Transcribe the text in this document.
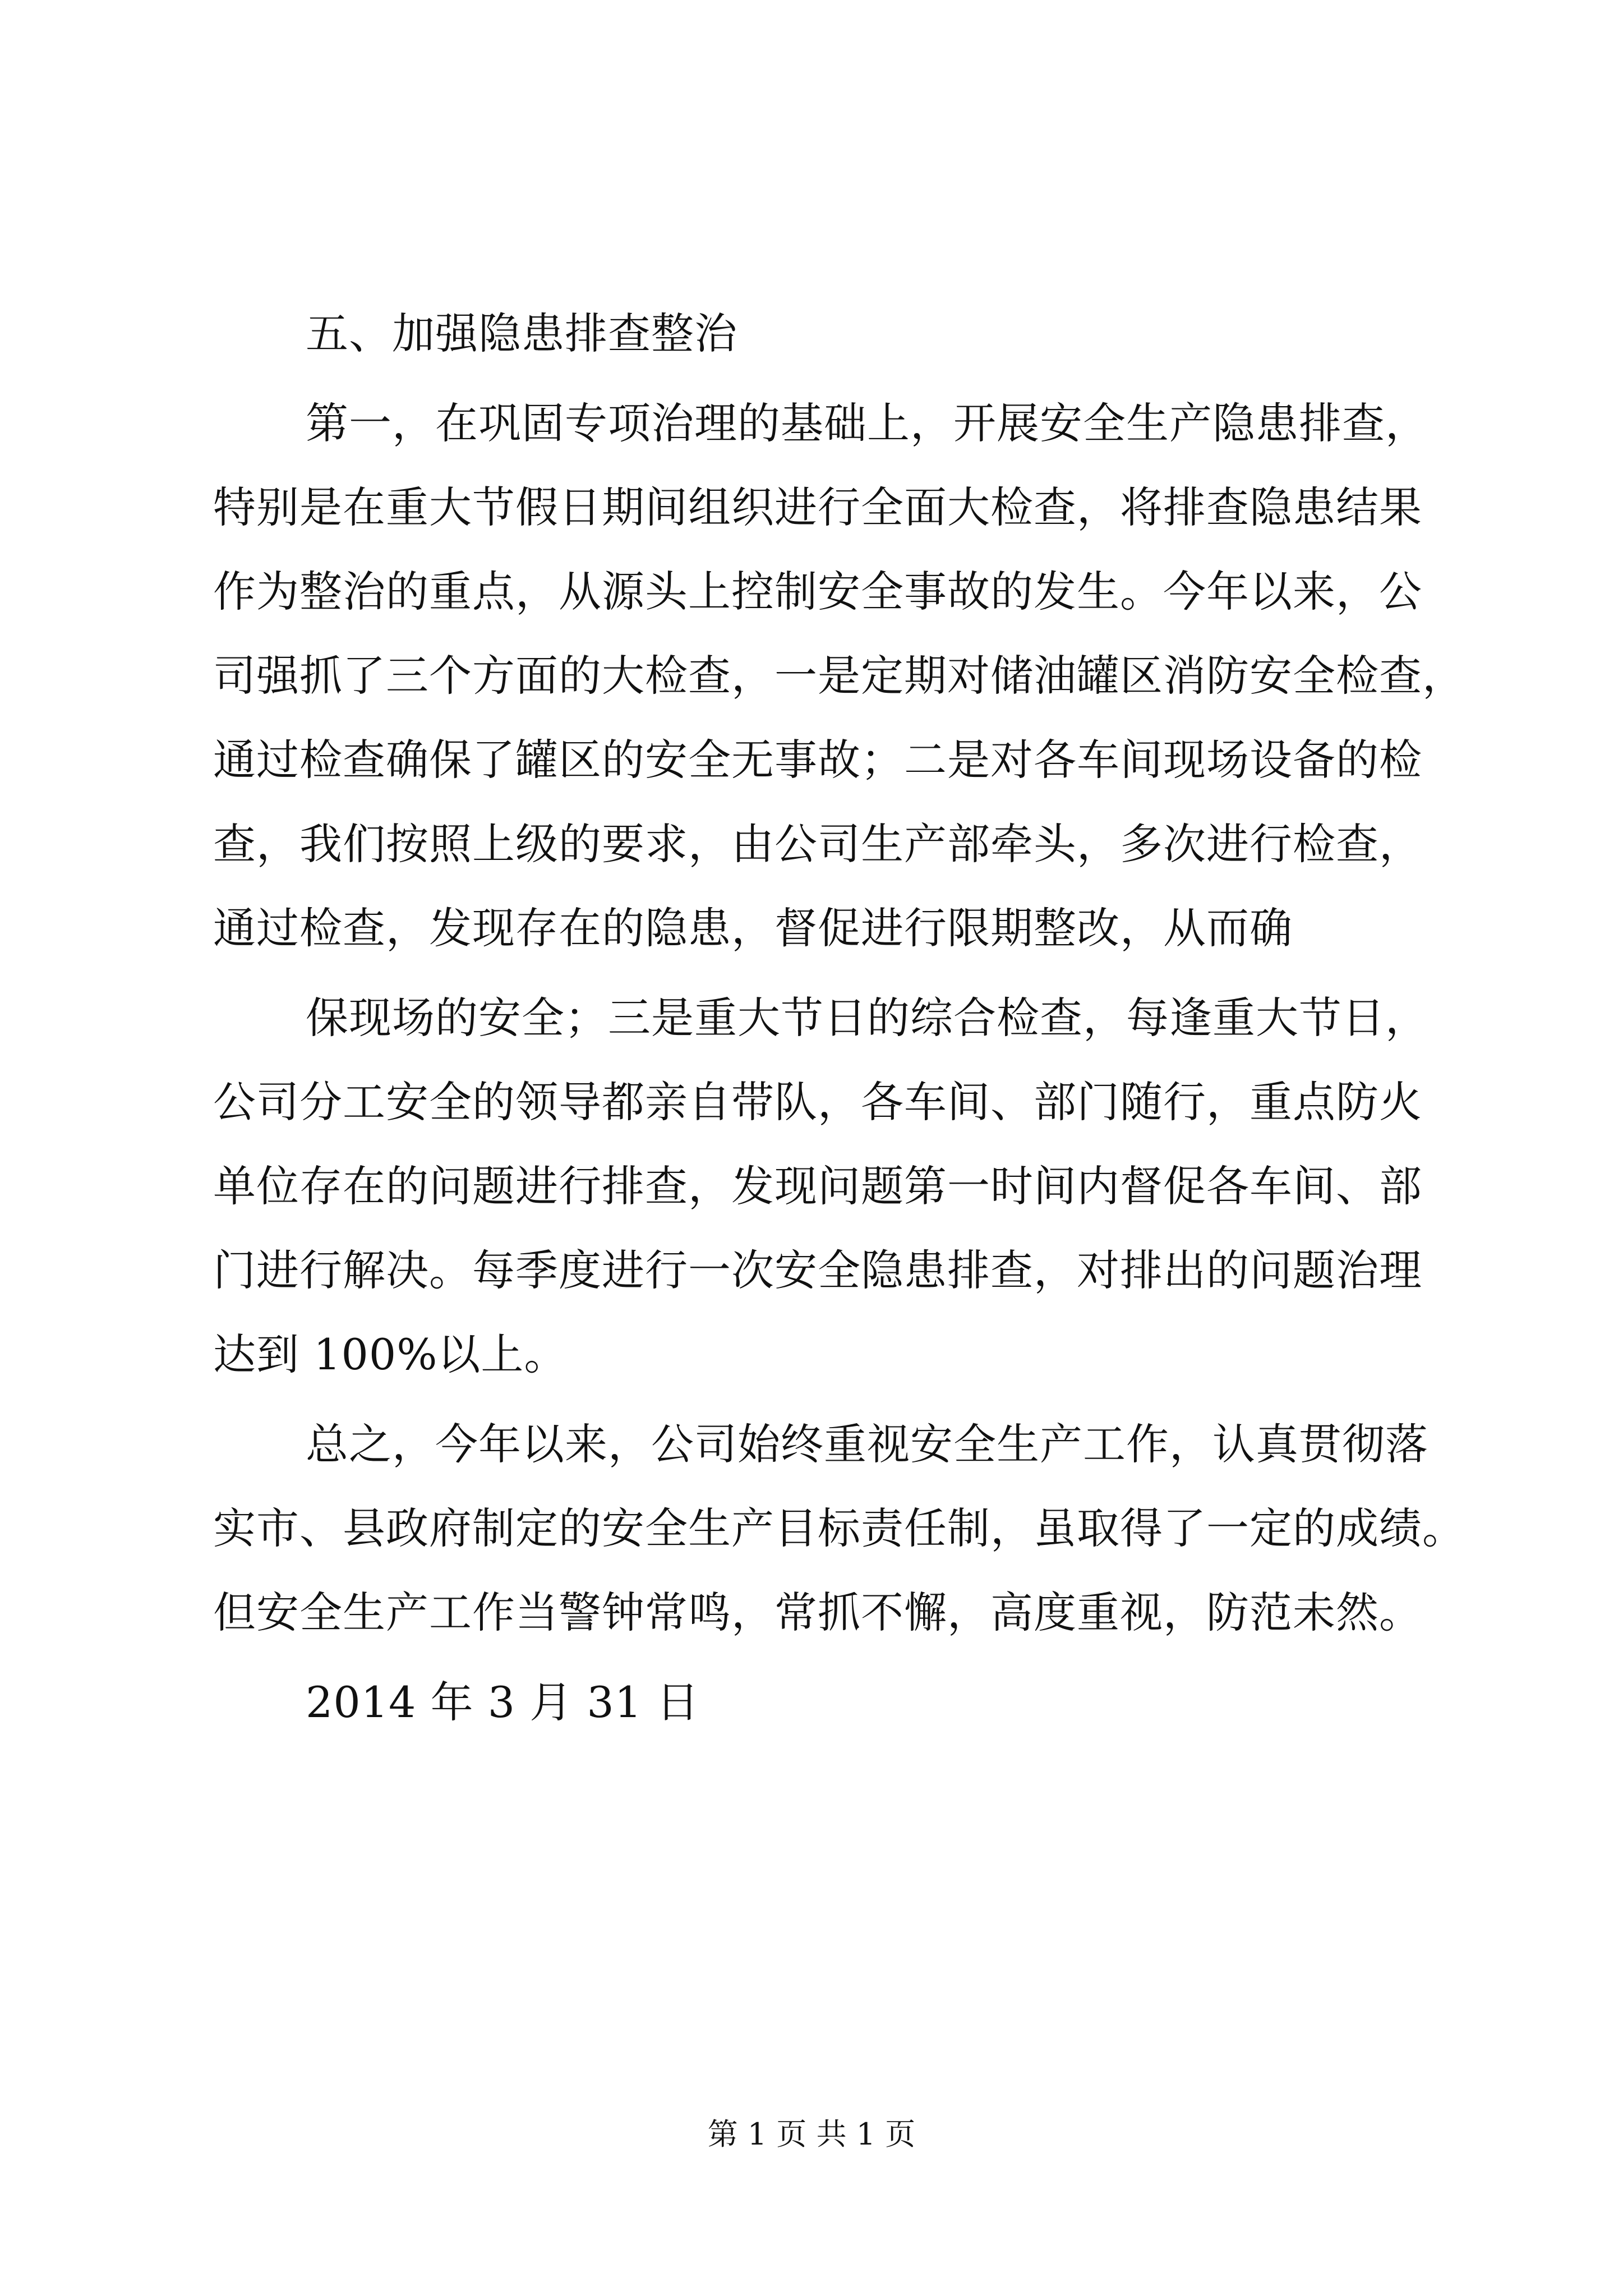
五、加强隐患排查整治
第一，在巩固专项治理的基础上，开展安全生产隐患排查，
特别是在重大节假日期间组织进行全面大检查，将排查隐患结果
作为整治的重点，从源头上控制安全事故的发生。今年以来，公
司强抓了三个方面的大检查，一是定期对储油罐区消防安全检查，
通过检查确保了罐区的安全无事故；二是对各车间现场设备的检
查，我们按照上级的要求，由公司生产部牵头，多次进行检查，
通过检查，发现存在的隐患，督促进行限期整改，从而确
保现场的安全；三是重大节日的综合检查，每逢重大节日，
公司分工安全的领导都亲自带队，各车间、部门随行，重点防火
单位存在的问题进行排查，发现问题第一时间内督促各车间、部
门进行解决。每季度进行一次安全隐患排查，对排出的问题治理
达到 100%以上。
总之，今年以来，公司始终重视安全生产工作，认真贯彻落
实市、县政府制定的安全生产目标责任制，虽取得了一定的成绩。
但安全生产工作当警钟常鸣，常抓不懈，高度重视，防范未然。
2014 年 3 月 31 日
第 1 页 共 1 页
